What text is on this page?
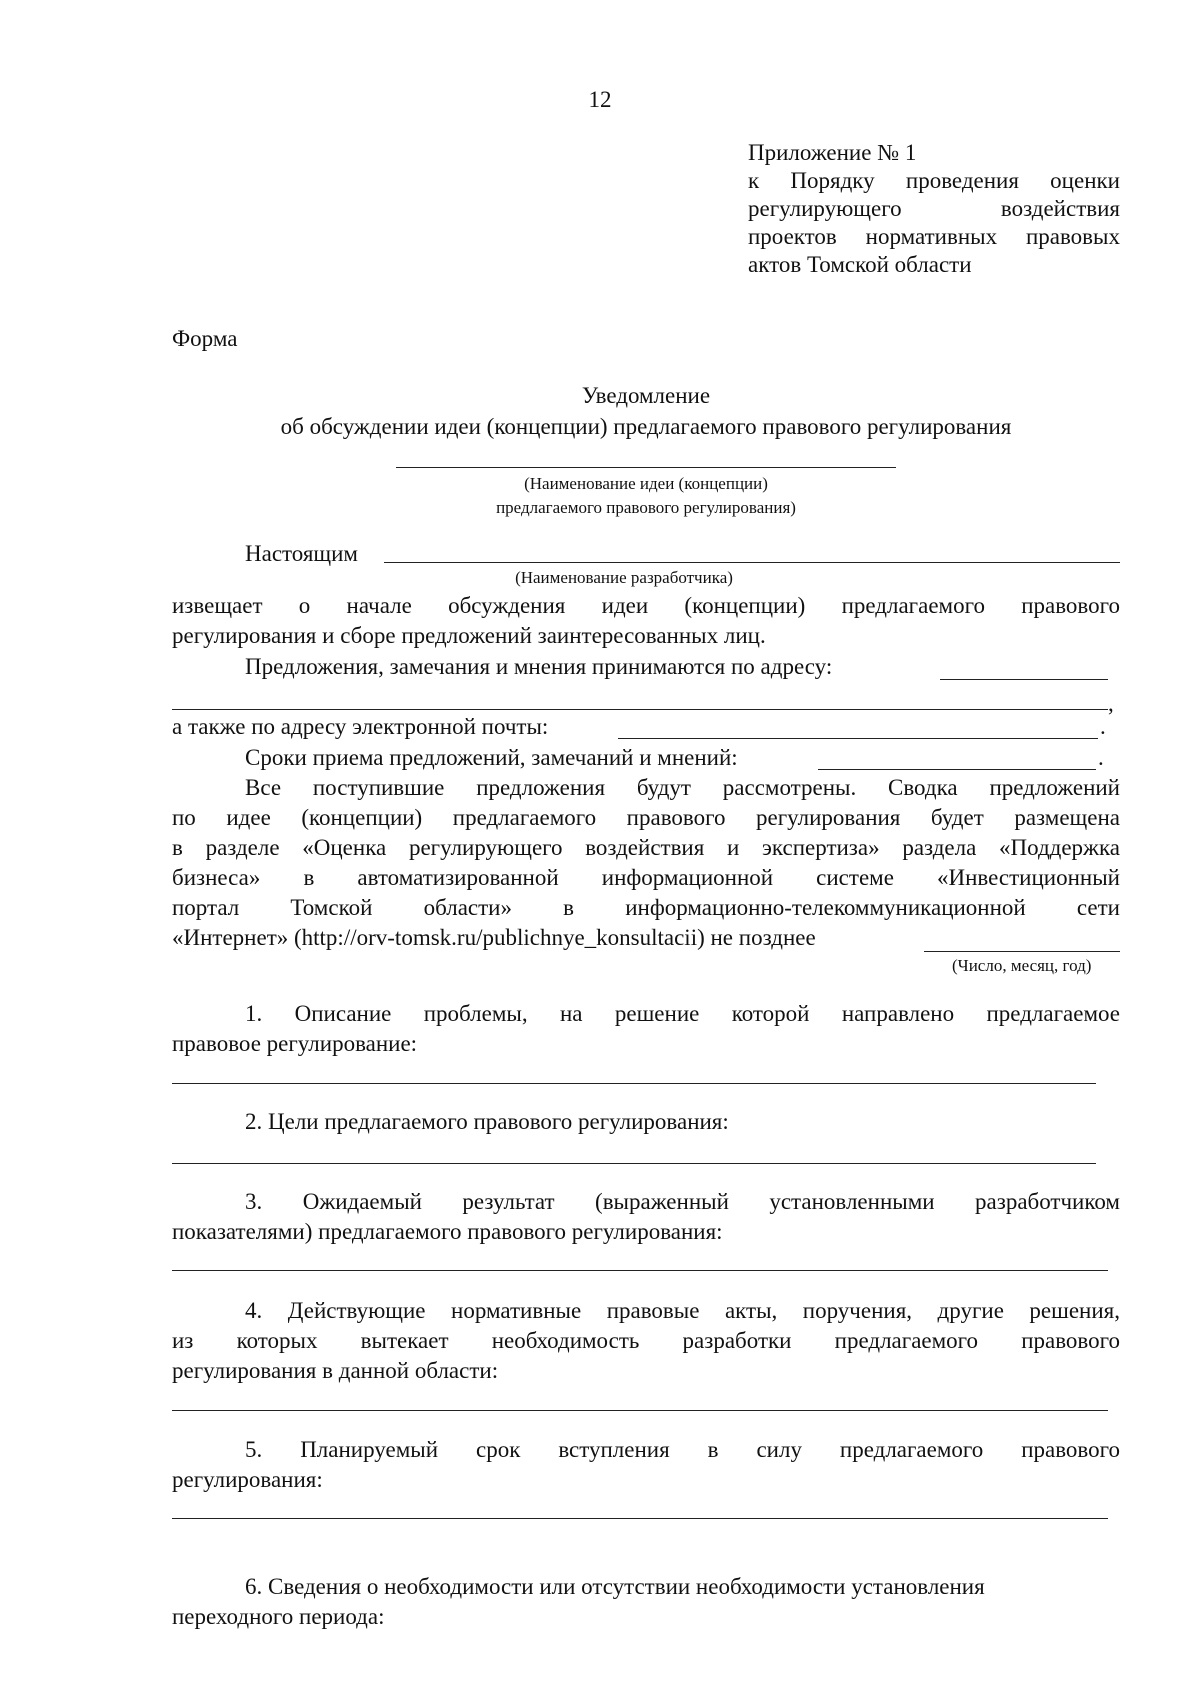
12
Приложение № 1
к Порядку проведения оценки
регулирующего воздействия
проектов нормативных правовых
актов Томской области
Форма
Уведомление
об обсуждении идеи (концепции) предлагаемого правового регулирования
(Наименование идеи (концепции)
предлагаемого правового регулирования)
Настоящим
(Наименование разработчика)
извещает о начале обсуждения идеи (концепции) предлагаемого правового
регулирования и сборе предложений заинтересованных лиц.
Предложения, замечания и мнения принимаются по адресу:
,
а также по адресу электронной почты:	.
Сроки приема предложений, замечаний и мнений:	.
Все поступившие предложения будут рассмотрены. Сводка предложений
по идее (концепции) предлагаемого правового регулирования будет размещена
в разделе «Оценка регулирующего воздействия и экспертиза» раздела «Поддержка
бизнеса» в автоматизированной информационной системе «Инвестиционный
портал Томской области» в информационно-телекоммуникационной сети
«Интернет» (http://orv-tomsk.ru/publichnye_konsultacii) не позднее
(Число, месяц, год)
1. Описание проблемы, на решение которой направлено предлагаемое
правовое регулирование:
2. Цели предлагаемого правового регулирования:
3. Ожидаемый результат (выраженный установленными разработчиком
показателями) предлагаемого правового регулирования:
4. Действующие нормативные правовые акты, поручения, другие решения,
из которых вытекает необходимость разработки предлагаемого правового
регулирования в данной области:
5. Планируемый срок вступления в силу предлагаемого правового
регулирования:
6. Сведения о необходимости или отсутствии необходимости установления
переходного периода:
